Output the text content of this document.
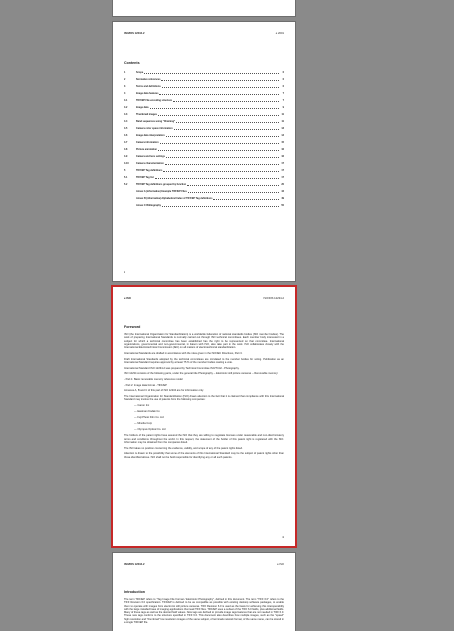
ISO/DIS 12234-2	e 2001
Contents
1	Scope	6
2	Normative references	6
3	Terms and definitions	6
4	Image data features	7
4.1	TIFF/EP File encoding structure	7
4.2	Image data	9
4.3	Thumbnail images	11
4.4	Band sequences using "Chaining"	11
4.5	Camera color space information	13
4.6	Image data interpretation	14
4.7	Camera information	15
4.8	Picture annotation	16
4.9	Camera and lens settings	16
4.10	Camera characterization	17
5	TIFF/EP Tag definitions	17
5.1	TIFF/EP Tag list	17
5.2	TIFF/EP Tag definitions grouped by function	20
Annex A (informative) Example TIFF/EP Files	44
Annex B (informative) Alphabetical Index of TIFF/EP Tag definitions	49
Annex C Bibliography	50
ii
e ISO	ISO/DIS 12234-2
Foreword

ISO (the International Organization for Standardization) is a worldwide federation of national standards bodies (ISO member bodies). The work of preparing International Standards is normally carried out through ISO technical committees. Each member body interested in a subject for which a technical committee has been established has the right to be represented on that committee. International organizations, governmental and non-governmental, in liaison with ISO, also take part in the work. ISO collaborates closely with the International Electrotechnical Commission (IEC) on all matters of electrotechnical standardization.

International Standards are drafted in accordance with the rules given in the ISO/IEC Directives, Part 3.

Draft International Standards adopted by the technical committees are circulated to the member bodies for voting. Publication as an International Standard requires approval by at least 75 % of the member bodies casting a vote.

International Standard ISO 12234-2 was prepared by Technical Committee ISO/TC42 - Photography.

ISO 12234 consists of the following parts, under the general title Photography -- Electronic still picture cameras -- Removable memory:

- Part 1: Basic removable memory reference model

- Part 2: Image data format - TIFF/EP

Annexes A, B and C of this part of ISO 12234 are for information only.

The International Organization for Standardization (ISO) draws attention to the fact that it is claimed that compliance with this International Standard may involve the use of patents from the following companies:

— Canon Inc
— Eastman Kodak Co
— Fuji Photo Film Co. Ltd
— Minolta Corp
— Olympus Optical Co. Ltd

The holders of the patent rights have assured the ISO that they are willing to negotiate licenses under reasonable and non-discriminatory terms and conditions throughout the world. In this respect, the statement of the holder of this patent right is registered with the ISO. Information may be obtained from the companies listed.

The ISO takes no position concerning the evidence, validity, and scope of any of the patent rights listed.

Attention is drawn to the possibility that some of the elements of this International Standard may be the subject of patent rights other than those identified above. ISO shall not be held responsible for identifying any or all such patents.

iii
ISO/DIS 12234-2	e ISO
Introduction

The term TIFF/EP refers to "Tag Image File Format / Electronic Photography", defined in this document. The term "TIFF 6.0" refers to the TIFF Revision 6.0 specification. TIFF/EP is defined to be as compatible as possible with existing desktop software packages, to enable them to operate with images from electronic still picture cameras. TIFF Revision 6.0 is used as the basis for achieving this interoperability with the large installed base of imaging applications that read TIFF files. TIFF/EP uses a subset of the TIFF 6.0 fields, plus additional fields. Many of these tags as well as the desired field values. Now tags are defined to provide image tags features that are not needed in TIFF 6.0. These new tags conform to the structure specified in TIFF 6.0. This document also describes how multiple images, such as the "speed" high resolution and "thumbnail" low resolution images of the same subject, of terminals network format, of the same name, can be stored in a single TIFF/EP file.
